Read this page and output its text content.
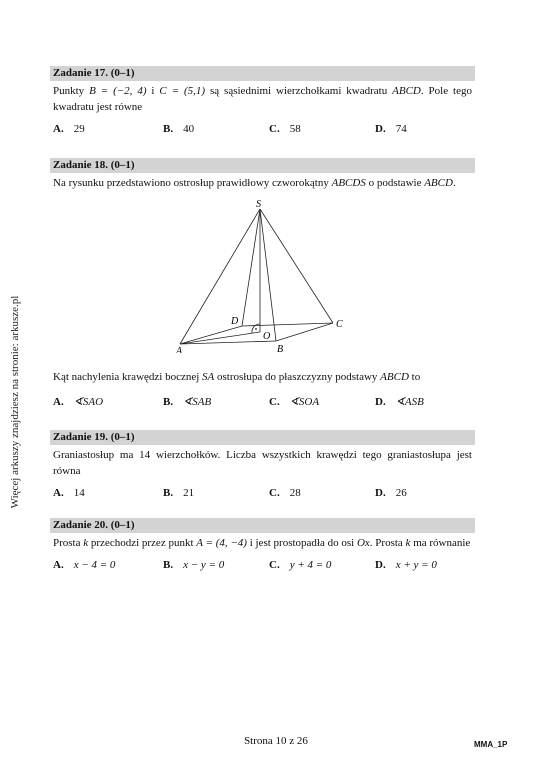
Więcej arkuszy znajdziesz na stronie: arkusze.pl
Zadanie 17. (0–1)
Punkty B = (−2, 4) i C = (5,1) są sąsiednimi wierzchołkami kwadratu ABCD. Pole tego kwadratu jest równe
A. 29	B. 40	C. 58	D. 74
Zadanie 18. (0–1)
Na rysunku przedstawiono ostrosłup prawidłowy czworokątny ABCDS o podstawie ABCD.
S
A	B
C
D
O
Kąt nachylenia krawędzi bocznej SA ostrosłupa do płaszczyzny podstawy ABCD to
A. ∢SAO	B. ∢SAB	C. ∢SOA	D. ∢ASB
Zadanie 19. (0–1)
Graniastosłup ma 14 wierzchołków. Liczba wszystkich krawędzi tego graniastosłupa jest równa
A. 14	B. 21	C. 28	D. 26
Zadanie 20. (0–1)
Prosta k przechodzi przez punkt A = (4, −4) i jest prostopadła do osi Ox. Prosta k ma równanie
A. x − 4 = 0	B. x − y = 0	C. y + 4 = 0	D. x + y = 0
Strona 10 z 26	MMA_1P
